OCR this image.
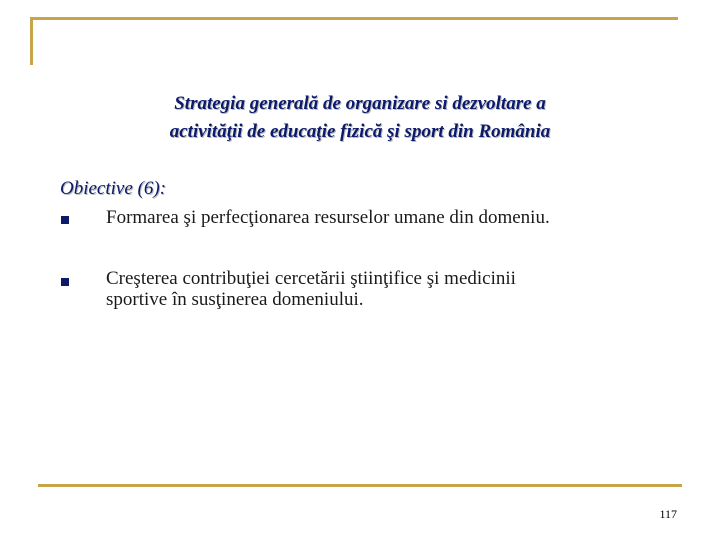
Strategia generală de organizare si dezvoltare a
activităţii de educaţie fizică şi sport din România
Obiective (6):
Formarea şi perfecţionarea resurselor umane din domeniu.
Creşterea contribuţiei cercetării ştiinţifice şi medicinii
sportive în susţinerea domeniului.
117
